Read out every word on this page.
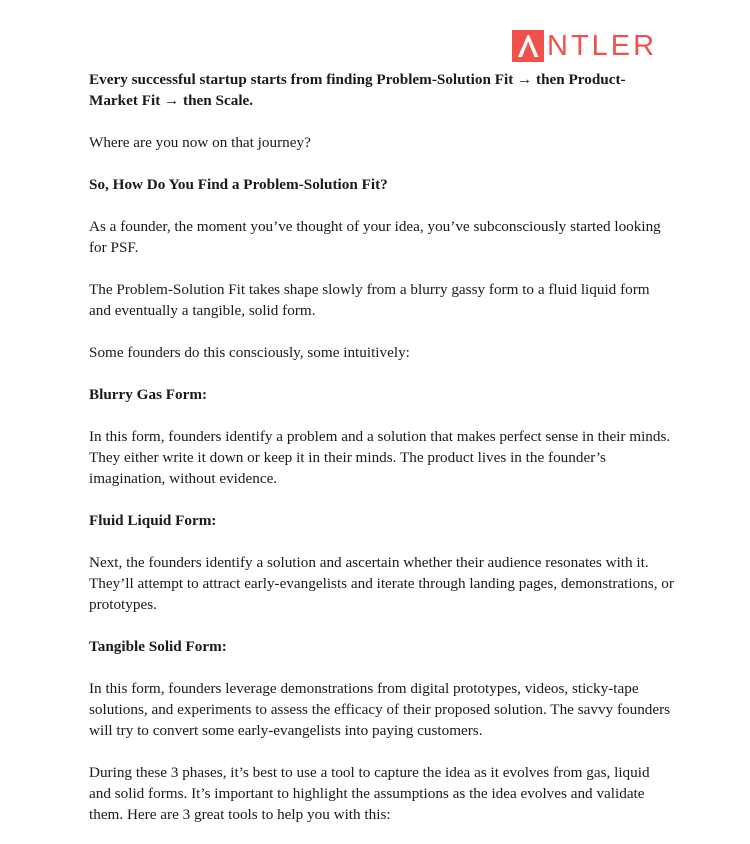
NTLER

Every successful startup starts from finding Problem-Solution Fit → then Product-Market Fit → then Scale.

Where are you now on that journey?

So, How Do You Find a Problem-Solution Fit?

As a founder, the moment you’ve thought of your idea, you’ve subconsciously started looking for PSF.

The Problem-Solution Fit takes shape slowly from a blurry gassy form to a fluid liquid form and eventually a tangible, solid form.

Some founders do this consciously, some intuitively:

Blurry Gas Form:

In this form, founders identify a problem and a solution that makes perfect sense in their minds. They either write it down or keep it in their minds. The product lives in the founder’s imagination, without evidence.

Fluid Liquid Form:

Next, the founders identify a solution and ascertain whether their audience resonates with it. They’ll attempt to attract early-evangelists and iterate through landing pages, demonstrations, or prototypes.

Tangible Solid Form:

In this form, founders leverage demonstrations from digital prototypes, videos, sticky-tape solutions, and experiments to assess the efficacy of their proposed solution. The savvy founders will try to convert some early-evangelists into paying customers.

During these 3 phases, it’s best to use a tool to capture the idea as it evolves from gas, liquid and solid forms. It’s important to highlight the assumptions as the idea evolves and validate them. Here are 3 great tools to help you with this:
